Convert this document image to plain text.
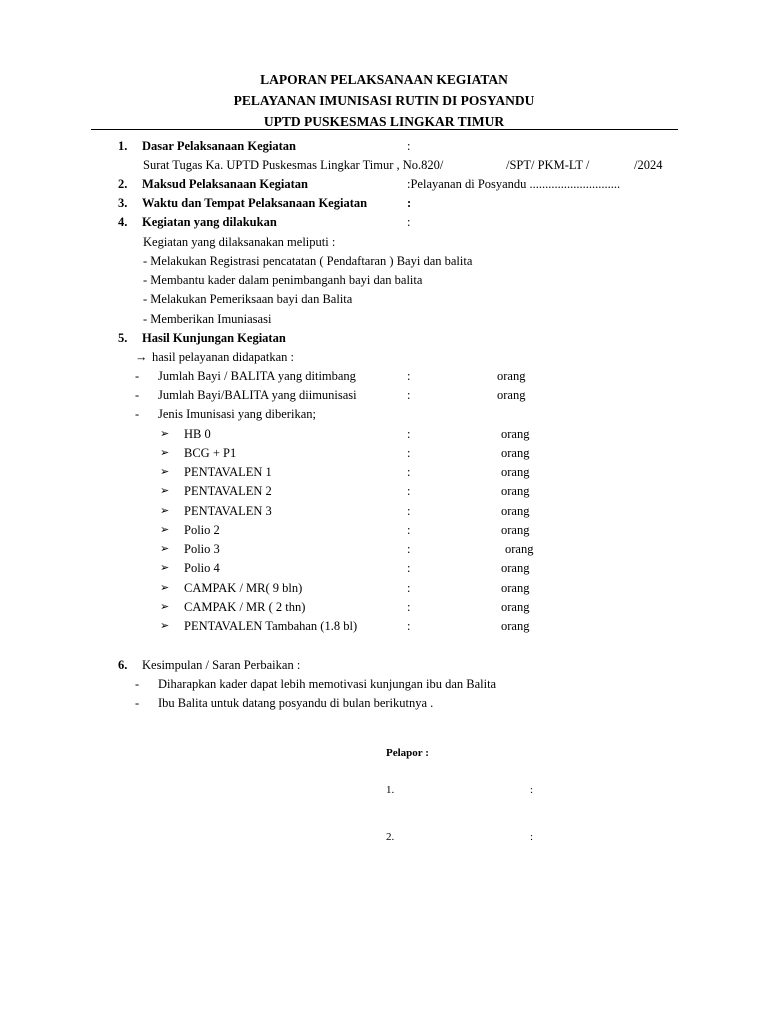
LAPORAN PELAKSANAAN KEGIATAN
PELAYANAN IMUNISASI RUTIN DI POSYANDU
UPTD PUSKESMAS LINGKAR TIMUR
1. Dasar Pelaksanaan Kegiatan	:
Surat Tugas Ka. UPTD Puskesmas Lingkar Timur , No.820/	/SPT/ PKM-LT /	/2024
2. Maksud Pelaksanaan Kegiatan	:Pelayanan di Posyandu .............................
3. Waktu dan Tempat Pelaksanaan Kegiatan	:
4. Kegiatan yang dilakukan	:
Kegiatan yang dilaksanakan meliputi :
- Melakukan Registrasi pencatatan ( Pendaftaran ) Bayi dan balita
- Membantu kader dalam penimbanganh bayi dan balita
- Melakukan Pemeriksaan bayi dan Balita
- Memberikan Imuniasasi
5. Hasil Kunjungan Kegiatan
→ hasil pelayanan didapatkan :
- Jumlah Bayi / BALITA yang ditimbang	:	orang
- Jumlah Bayi/BALITA yang diimunisasi	:	orang
- Jenis Imunisasi yang diberikan;
➢ HB 0	:	orang
➢ BCG + P1	:	orang
➢ PENTAVALEN 1	:	orang
➢ PENTAVALEN 2	:	orang
➢ PENTAVALEN 3	:	orang
➢ Polio 2	:	orang
➢ Polio 3	:	orang
➢ Polio 4	:	orang
➢ CAMPAK / MR( 9 bln)	:	orang
➢ CAMPAK / MR ( 2 thn)	:	orang
➢ PENTAVALEN Tambahan (1.8 bl)	:	orang
6. Kesimpulan / Saran Perbaikan :
- Diharapkan kader dapat lebih memotivasi kunjungan ibu dan Balita
- Ibu Balita untuk datang posyandu di bulan berikutnya .
Pelapor :
1.	:
2.	:
